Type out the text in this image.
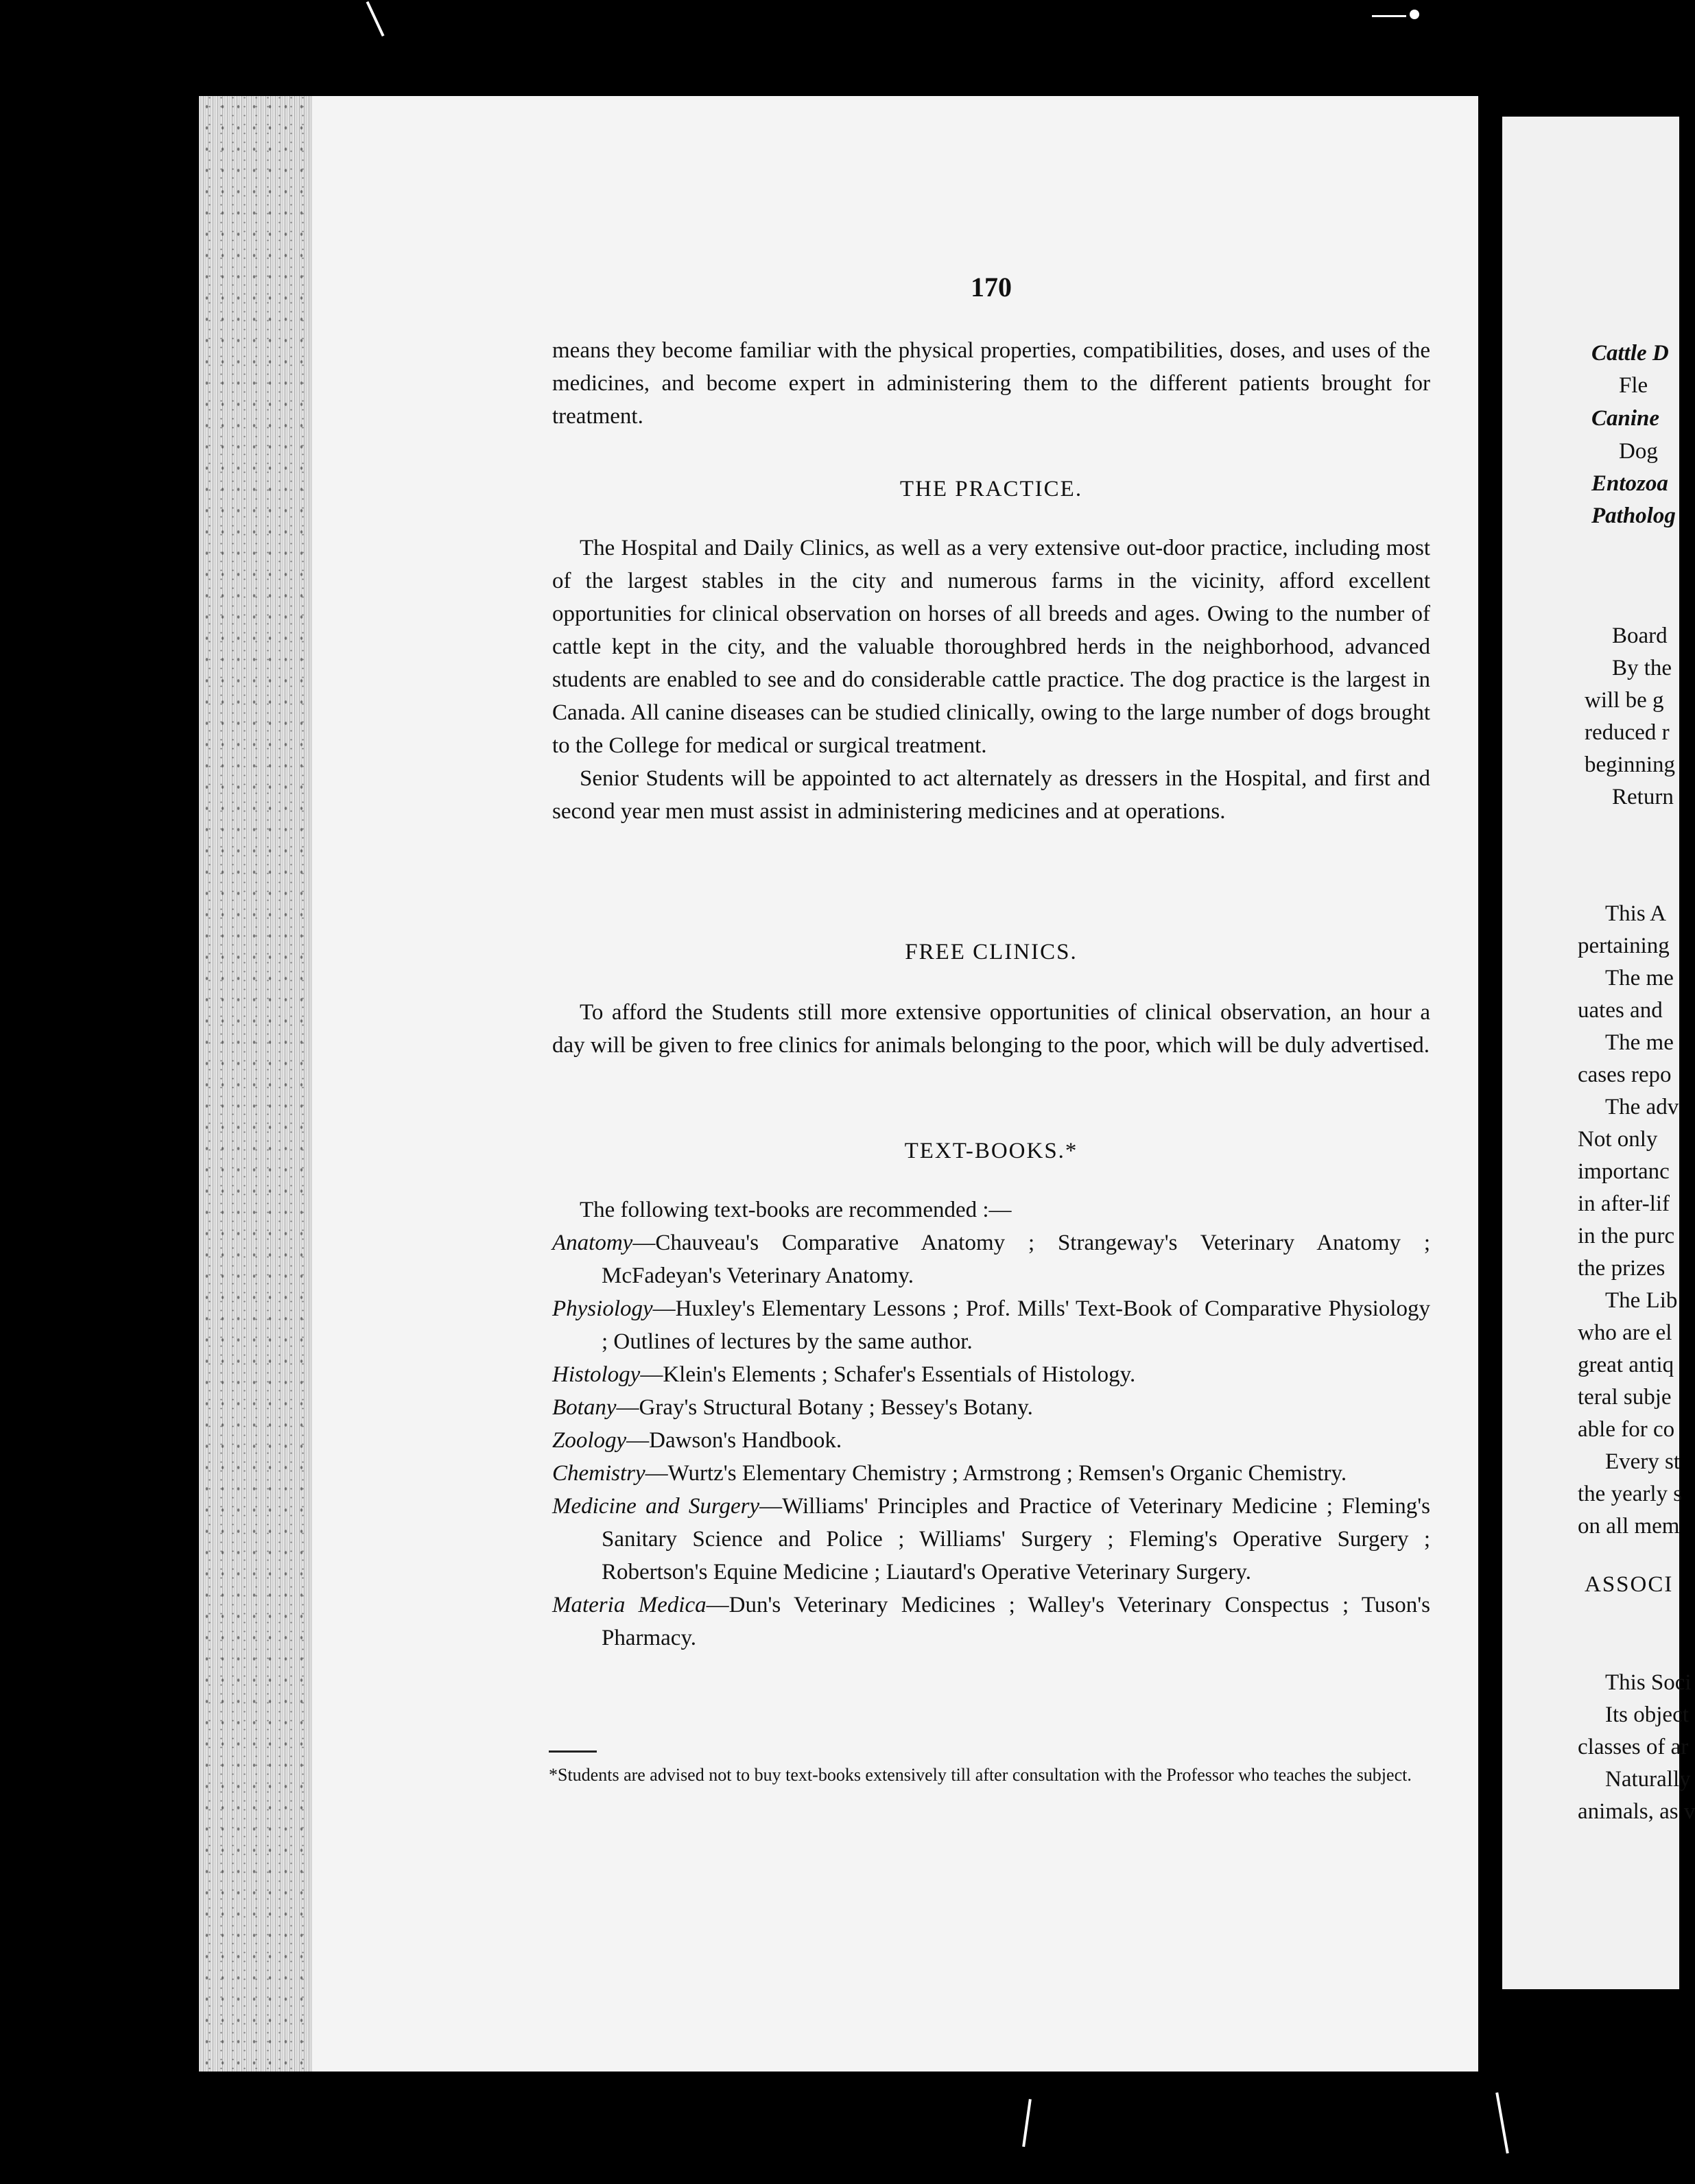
Cattle D
Fle
Canine
Dog
Entozoa
Patholog
Board
By the
will be g
reduced r
beginning
Return
This A
pertaining
The me
uates and
The me
cases repo
The adv
Not only
importanc
in after-lif
in the purc
the prizes
The Lib
who are el
great antiq
teral subje
able for co
Every st
the yearly s
on all mem
ASSOCI
This Soci
Its object
classes of ar
Naturally
animals, as v
170

means they become familiar with the physical properties, compatibilities, doses, and uses of the medicines, and become expert in administering them to the different patients brought for treatment.

THE PRACTICE.

The Hospital and Daily Clinics, as well as a very extensive out-door practice, including most of the largest stables in the city and numerous farms in the vicinity, afford excellent opportunities for clinical observation on horses of all breeds and ages. Owing to the number of cattle kept in the city, and the valuable thoroughbred herds in the neighborhood, advanced students are enabled to see and do considerable cattle practice. The dog practice is the largest in Canada. All canine diseases can be studied clinically, owing to the large number of dogs brought to the College for medical or surgical treatment.

Senior Students will be appointed to act alternately as dressers in the Hospital, and first and second year men must assist in administering medicines and at operations.

FREE CLINICS.

To afford the Students still more extensive opportunities of clinical observation, an hour a day will be given to free clinics for animals belonging to the poor, which will be duly advertised.

TEXT-BOOKS.*

The following text-books are recommended :—

Anatomy—Chauveau's Comparative Anatomy ; Strangeway's Veterinary Anatomy ; McFadeyan's Veterinary Anatomy.

Physiology—Huxley's Elementary Lessons ; Prof. Mills' Text-Book of Comparative Physiology ; Outlines of lectures by the same author.

Histology—Klein's Elements ; Schafer's Essentials of Histology.

Botany—Gray's Structural Botany ; Bessey's Botany.

Zoology—Dawson's Handbook.

Chemistry—Wurtz's Elementary Chemistry ; Armstrong ; Remsen's Organic Chemistry.

Medicine and Surgery—Williams' Principles and Practice of Veterinary Medicine ; Fleming's Sanitary Science and Police ; Williams' Surgery ; Fleming's Operative Surgery ; Robertson's Equine Medicine ; Liautard's Operative Veterinary Surgery.

Materia Medica—Dun's Veterinary Medicines ; Walley's Veterinary Conspectus ; Tuson's Pharmacy.

*Students are advised not to buy text-books extensively till after consultation with the Professor who teaches the subject.
